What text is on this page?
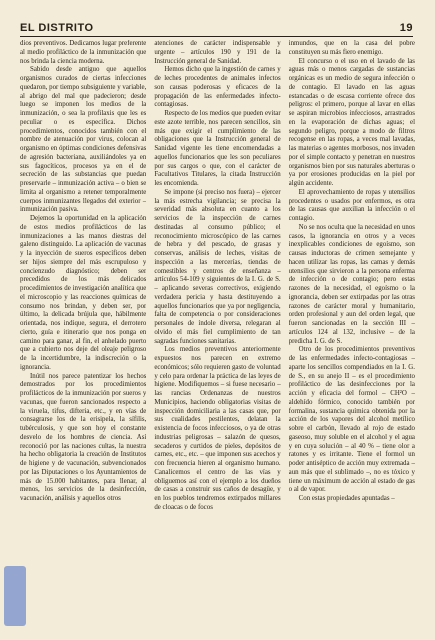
EL DISTRITO	19

dios preventivos. Dedicamos lugar preferente al medio profiláctico de la inmunización que nos brinda la ciencia moderna.

Sabido desde antiguo que aquellos organismos curados de ciertas infecciones quedaron, por tiempo subsiguiente y variable, al abrigo del mal que padecieron; desde luego se imponen los medios de la inmunización, o sea la profilaxis que les es peculiar o es específica. Dichos procedimientos, conocidos también con el nombre de atenuación por virus, colocan al organismo en óptimas condiciones defensivas de agresión bacteriana, auxiliándoles ya en sus fagocíticos, procesos ya en el de secreción de las substancias que puedan preservarle – inmunización activa – o bien se limita al organismo a retener temporalmente cuerpos inmunizantes llegados del exterior – inmunización pasiva.

Dejemos la oportunidad en la aplicación de estos medios profilácticos de las inmunizaciones a las manos diestras del galeno distinguido. La aplicación de vacunas y la inyección de sueros específicos deben ser hijos siempre del más escrupuloso y concienzudo diagnóstico; deben ser precedidos de los más delicados procedimientos de investigación analítica que el microscopio y las reacciones químicas de consumo nos brindan, y deben ser, por último, la delicada brújula que, hábilmente orientada, nos indique, segura, el derrotero cierto, guía e itinerario que nos ponga en camino para ganar, al fin, el anhelado puerto que a cubierto nos deje del oleaje peligroso de la incertidumbre, la indiscreción o la ignorancia.

Inútil nos parece patentizar los hechos demostrados por los procedimientos profilácticos de la inmunización por sueros y vacunas, que fueron sancionados respecto a la viruela, tifus, difteria, etc., y en vías de consagrarse los de la erisipela, la sífilis, tubérculosis, y que son hoy el constante desvelo de los hombres de ciencia. Así reconoció por las naciones cultas, la nuestra ha hecho obligatoria la creación de Institutos de higiene y de vacunación, subvencionados por las Diputaciones o los Ayuntamientos de más de 15.000 habitantes, para llenar, al menos, los servicios de la desinfección, vacunación, análisis y aquellos otros

atenciones de carácter indispensable y urgente – artículos 190 y 191 de la Instrucción general de Sanidad.

Hemos dicho que la ingestión de carnes y de leches procedentes de animales infectos son causas poderosas y eficaces de la propagación de las enfermedades infecto-contagiosas.

Respecto de los medios que pueden evitar este azote terrible, nos parecen sencillos, sin más que exigir el cumplimiento de las obligaciones que la Instrucción general de Sanidad vigente les tiene encomendadas a aquellos funcionarios que les son peculiares por sus cargos o que, con el carácter de Facultativos Titulares, la citada Instrucción les encomienda.

Se impone (si preciso nos fuera) – ejercer la más estrecha vigilancia; se precisa la severidad más absoluta en cuanto a los servicios de la inspección de carnes destinadas al consumo público; el reconocimiento microscópico de las carnes de hebra y del pescado, de grasas y conservas, análisis de leches, visitas de inspección a las mercerías, tiendas de comestibles y centros de enseñanza – artículos 54-109 y siguientes de la I. G. de S. – aplicando severas correctivos, exigiendo verdadera pericia y hasta destituyendo a aquellos funcionarios que ya por negligencia, falta de competencia o por consideraciones personales de índole diversa, relegaran al olvido el más fiel cumplimiento de tan sagradas funciones sanitarias.

Los medios preventivos anteriormente expuestos nos parecen en extremo económicos; sólo requieren gasto de voluntad y celo para ordenar la práctica de las leyes de higiene. Modifiquemos – si fuese necesario – las rancias Ordenanzas de nuestros Municipios, haciendo obligatorias visitas de inspección domiciliaria a las casas que, por sus cualidades pestilentes, delatan la existencia de focos infecciosos, o ya de otras industrias peligrosas – salazón de quesos, secaderos y curtidos de pieles, depósitos de carnes, etc., etc. – que imponen sus acechos y con frecuencia hieren al organismo humano. Canalicemos el centro de las vías y obliguemos así con el ejemplo a los dueños de casas a construir sus caños de desagüe, y en los pueblos tendremos extirpados millares de cloacas o de focos

inmundos, que en la casa del pobre constituyen su más fiero enemigo.

El concurso o el uso en el lavado de las aguas más o menos cargadas de sustancias orgánicas es un medio de segura infección o de contagio. El lavado en las aguas estancadas o de escasa corriente ofrece dos peligros: el primero, porque al lavar en ellas se aspiran microbios infecciosos, arrastrados en la evaporación de dichas aguas; el segundo peligro, porque a modo de filtros recogense en las ropas, a veces mal lavadas, las materias o agentes morbosos, nos invaden por el simple contacto y penetran en nuestros organismos bien por sus naturales aberturas o ya por erosiones producidas en la piel por algún accidente.

El aprovechamiento de ropas y utensilios procedentes o usados por enfermos, es otra de las causas que auxilian la infección o el contagio.

No se nos oculta que la necesidad en unos casos, la ignorancia en otros y a veces inexplicables condiciones de egoísmo, son causas inductoras de crimen semejante y hacen utilizar las ropas, las camas y demás utensilios que sirvieron a la persona enferma de infección o de contagio; pero estas razones de la necesidad, el egoísmo o la ignorancia, deben ser extirpadas por las otras razones de carácter moral y humanitario, orden profesional y aun del orden legal, que fueron sancionadas en la sección III – artículos 124 al 132, inclusive – de la predicha I. G. de S.

Otro de los procedimientos preventivos de las enfermedades infecto-contagiosas – aparte los sencillos compendiados en la I. G. de S., en su anejo II – es el procedimiento profiláctico de las desinfecciones por la acción y eficacia del formol – CH²O – aldehído fórmico, conocido también por formalina, sustancia química obtenida por la acción de los vapores del alcohol metílico sobre el carbón, llevado al rojo de estado gaseoso, muy soluble en el alcohol y el agua y en cuya solución – al 40 % – tiene olor a ratones y es irritante. Tiene el formol un poder antiséptico de acción muy extremada – aun más que el sublimado –, no es tóxico y tiene un máximum de acción al estado de gas o al de vapor.

Con estas propiedades apuntadas –
